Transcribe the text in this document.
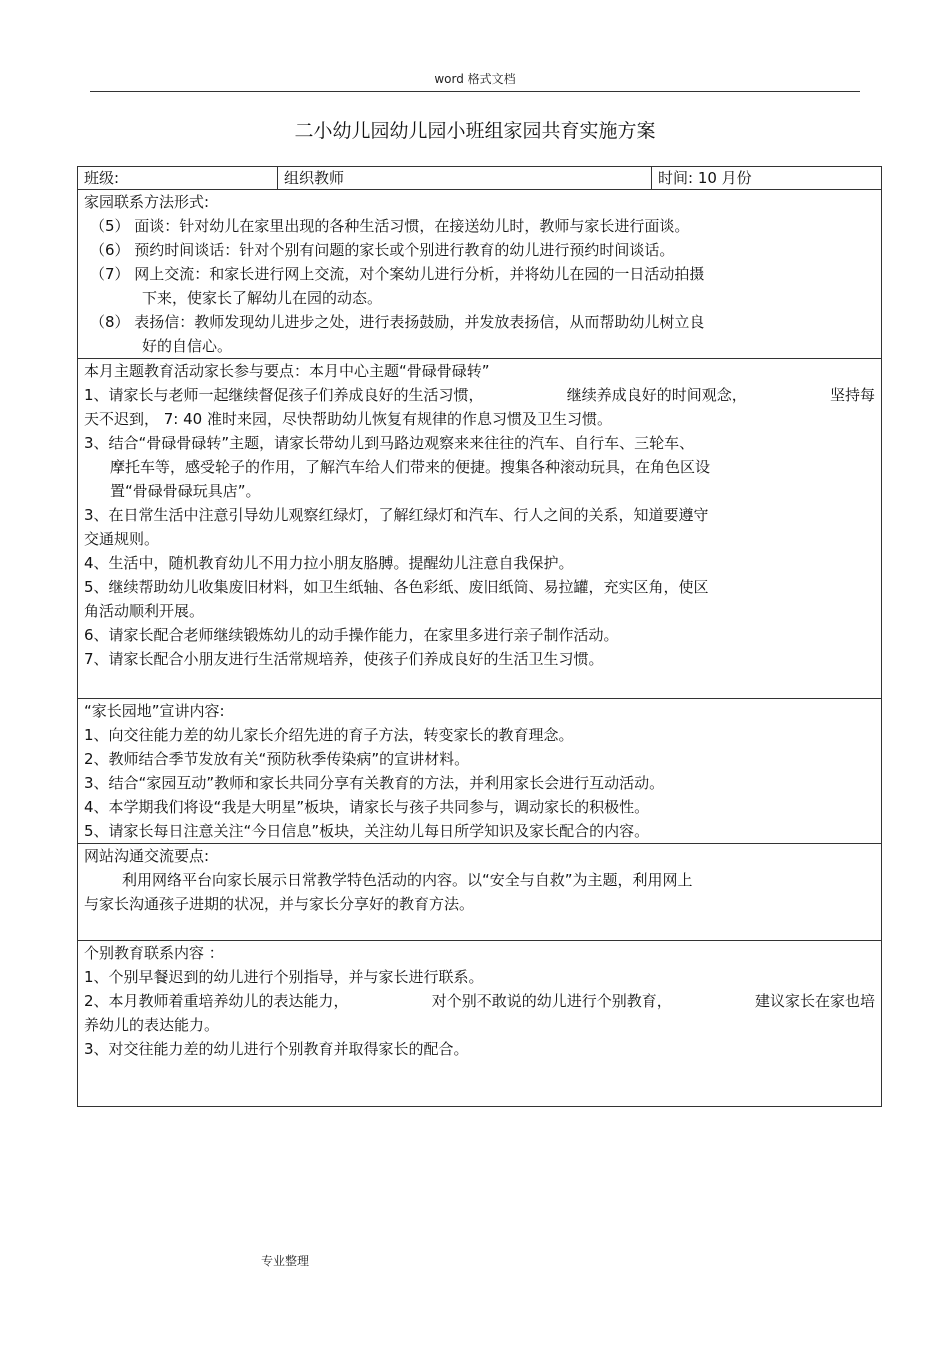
word 格式文档
二小幼儿园幼儿园小班组家园共育实施方案
班级:	组织教师	时间: 10 月份

家园联系方法形式:
（5） 面谈：针对幼儿在家里出现的各种生活习惯，在接送幼儿时，教师与家长进行面谈。
（6） 预约时间谈话：针对个别有问题的家长或个别进行教育的幼儿进行预约时间谈话。
（7） 网上交流：和家长进行网上交流，对个案幼儿进行分析，并将幼儿在园的一日活动拍摄
下来，使家长了解幼儿在园的动态。
（8） 表扬信：教师发现幼儿进步之处，进行表扬鼓励，并发放表扬信，从而帮助幼儿树立良
好的自信心。

本月主题教育活动家长参与要点：本月中心主题“骨碌骨碌转”
1、请家长与老师一起继续督促孩子们养成良好的生活习惯，	继续养成良好的时间观念，	坚持每
天不迟到， 7: 40 准时来园，尽快帮助幼儿恢复有规律的作息习惯及卫生习惯。
3、结合“骨碌骨碌转”主题，请家长带幼儿到马路边观察来来往往的汽车、自行车、三轮车、
摩托车等，感受轮子的作用，了解汽车给人们带来的便捷。搜集各种滚动玩具，在角色区设
置“骨碌骨碌玩具店”。
3、在日常生活中注意引导幼儿观察红绿灯，了解红绿灯和汽车、行人之间的关系，知道要遵守
交通规则。
4、生活中，随机教育幼儿不用力拉小朋友胳膊。提醒幼儿注意自我保护。
5、继续帮助幼儿收集废旧材料，如卫生纸轴、各色彩纸、废旧纸筒、易拉罐，充实区角，使区
角活动顺利开展。
6、请家长配合老师继续锻炼幼儿的动手操作能力，在家里多进行亲子制作活动。
7、请家长配合小朋友进行生活常规培养，使孩子们养成良好的生活卫生习惯。

“家长园地”宣讲内容:
1、向交往能力差的幼儿家长介绍先进的育子方法，转变家长的教育理念。
2、教师结合季节发放有关“预防秋季传染病”的宣讲材料。
3、结合“家园互动”教师和家长共同分享有关教育的方法，并利用家长会进行互动活动。
4、本学期我们将设“我是大明星”板块，请家长与孩子共同参与，调动家长的积极性。
5、请家长每日注意关注“今日信息”板块，关注幼儿每日所学知识及家长配合的内容。

网站沟通交流要点:
利用网络平台向家长展示日常教学特色活动的内容。以“安全与自救”为主题，利用网上
与家长沟通孩子进期的状况，并与家长分享好的教育方法。

个别教育联系内容 ：
1、个别早餐迟到的幼儿进行个别指导，并与家长进行联系。
2、本月教师着重培养幼儿的表达能力，	对个别不敢说的幼儿进行个别教育，	建议家长在家也培
养幼儿的表达能力。
3、对交往能力差的幼儿进行个别教育并取得家长的配合。
专业整理
